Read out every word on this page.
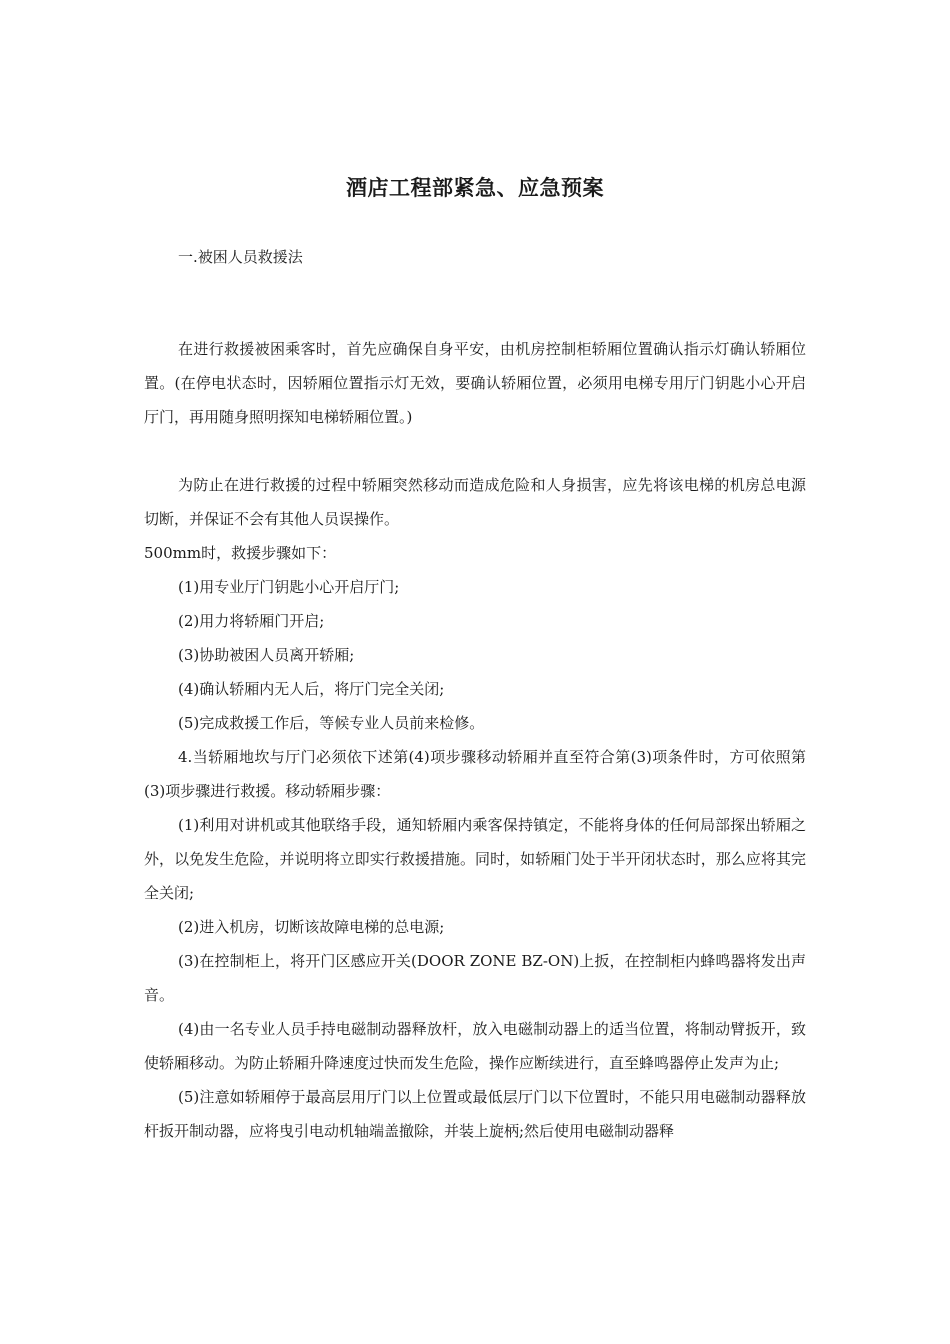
酒店工程部紧急、应急预案

一.被困人员救援法

在进行救援被困乘客时，首先应确保自身平安，由机房控制柜轿厢位置确认指示灯确认轿厢位置。(在停电状态时，因轿厢位置指示灯无效，要确认轿厢位置，必须用电梯专用厅门钥匙小心开启厅门，再用随身照明探知电梯轿厢位置。)

为防止在进行救援的过程中轿厢突然移动而造成危险和人身损害，应先将该电梯的机房总电源切断，并保证不会有其他人员误操作。

500mm时，救援步骤如下：

(1)用专业厅门钥匙小心开启厅门;

(2)用力将轿厢门开启;

(3)协助被困人员离开轿厢;

(4)确认轿厢内无人后，将厅门完全关闭;

(5)完成救援工作后，等候专业人员前来检修。

4.当轿厢地坎与厅门必须依下述第(4)项步骤移动轿厢并直至符合第(3)项条件时，方可依照第(3)项步骤进行救援。移动轿厢步骤：

(1)利用对讲机或其他联络手段，通知轿厢内乘客保持镇定，不能将身体的任何局部探出轿厢之外，以免发生危险，并说明将立即实行救援措施。同时，如轿厢门处于半开闭状态时，那么应将其完全关闭;

(2)进入机房，切断该故障电梯的总电源;

(3)在控制柜上，将开门区感应开关(DOOR ZONE BZ-ON)上扳，在控制柜内蜂鸣器将发出声音。

(4)由一名专业人员手持电磁制动器释放杆，放入电磁制动器上的适当位置，将制动臂扳开，致使轿厢移动。为防止轿厢升降速度过快而发生危险，操作应断续进行，直至蜂鸣器停止发声为止;

(5)注意如轿厢停于最高层用厅门以上位置或最低层厅门以下位置时，不能只用电磁制动器释放杆扳开制动器，应将曳引电动机轴端盖撤除，并装上旋柄;然后使用电磁制动器释
